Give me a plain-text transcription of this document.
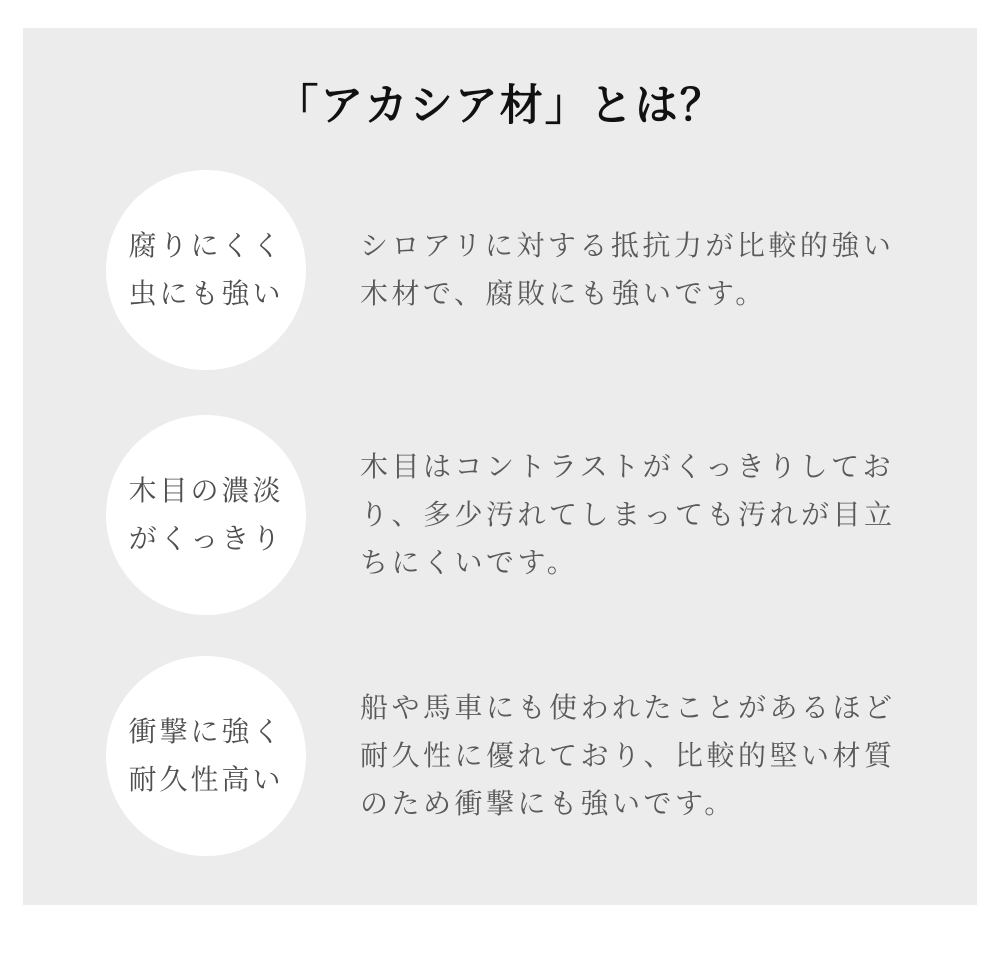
「アカシア材」とは？
腐りにくく
虫にも強い
シロアリに対する抵抗力が比較的強い
木材で、腐敗にも強いです。
木目の濃淡
がくっきり
木目はコントラストがくっきりしてお
り、多少汚れてしまっても汚れが目立
ちにくいです。
衝撃に強く
耐久性高い
船や馬車にも使われたことがあるほど
耐久性に優れており、比較的堅い材質
のため衝撃にも強いです。
